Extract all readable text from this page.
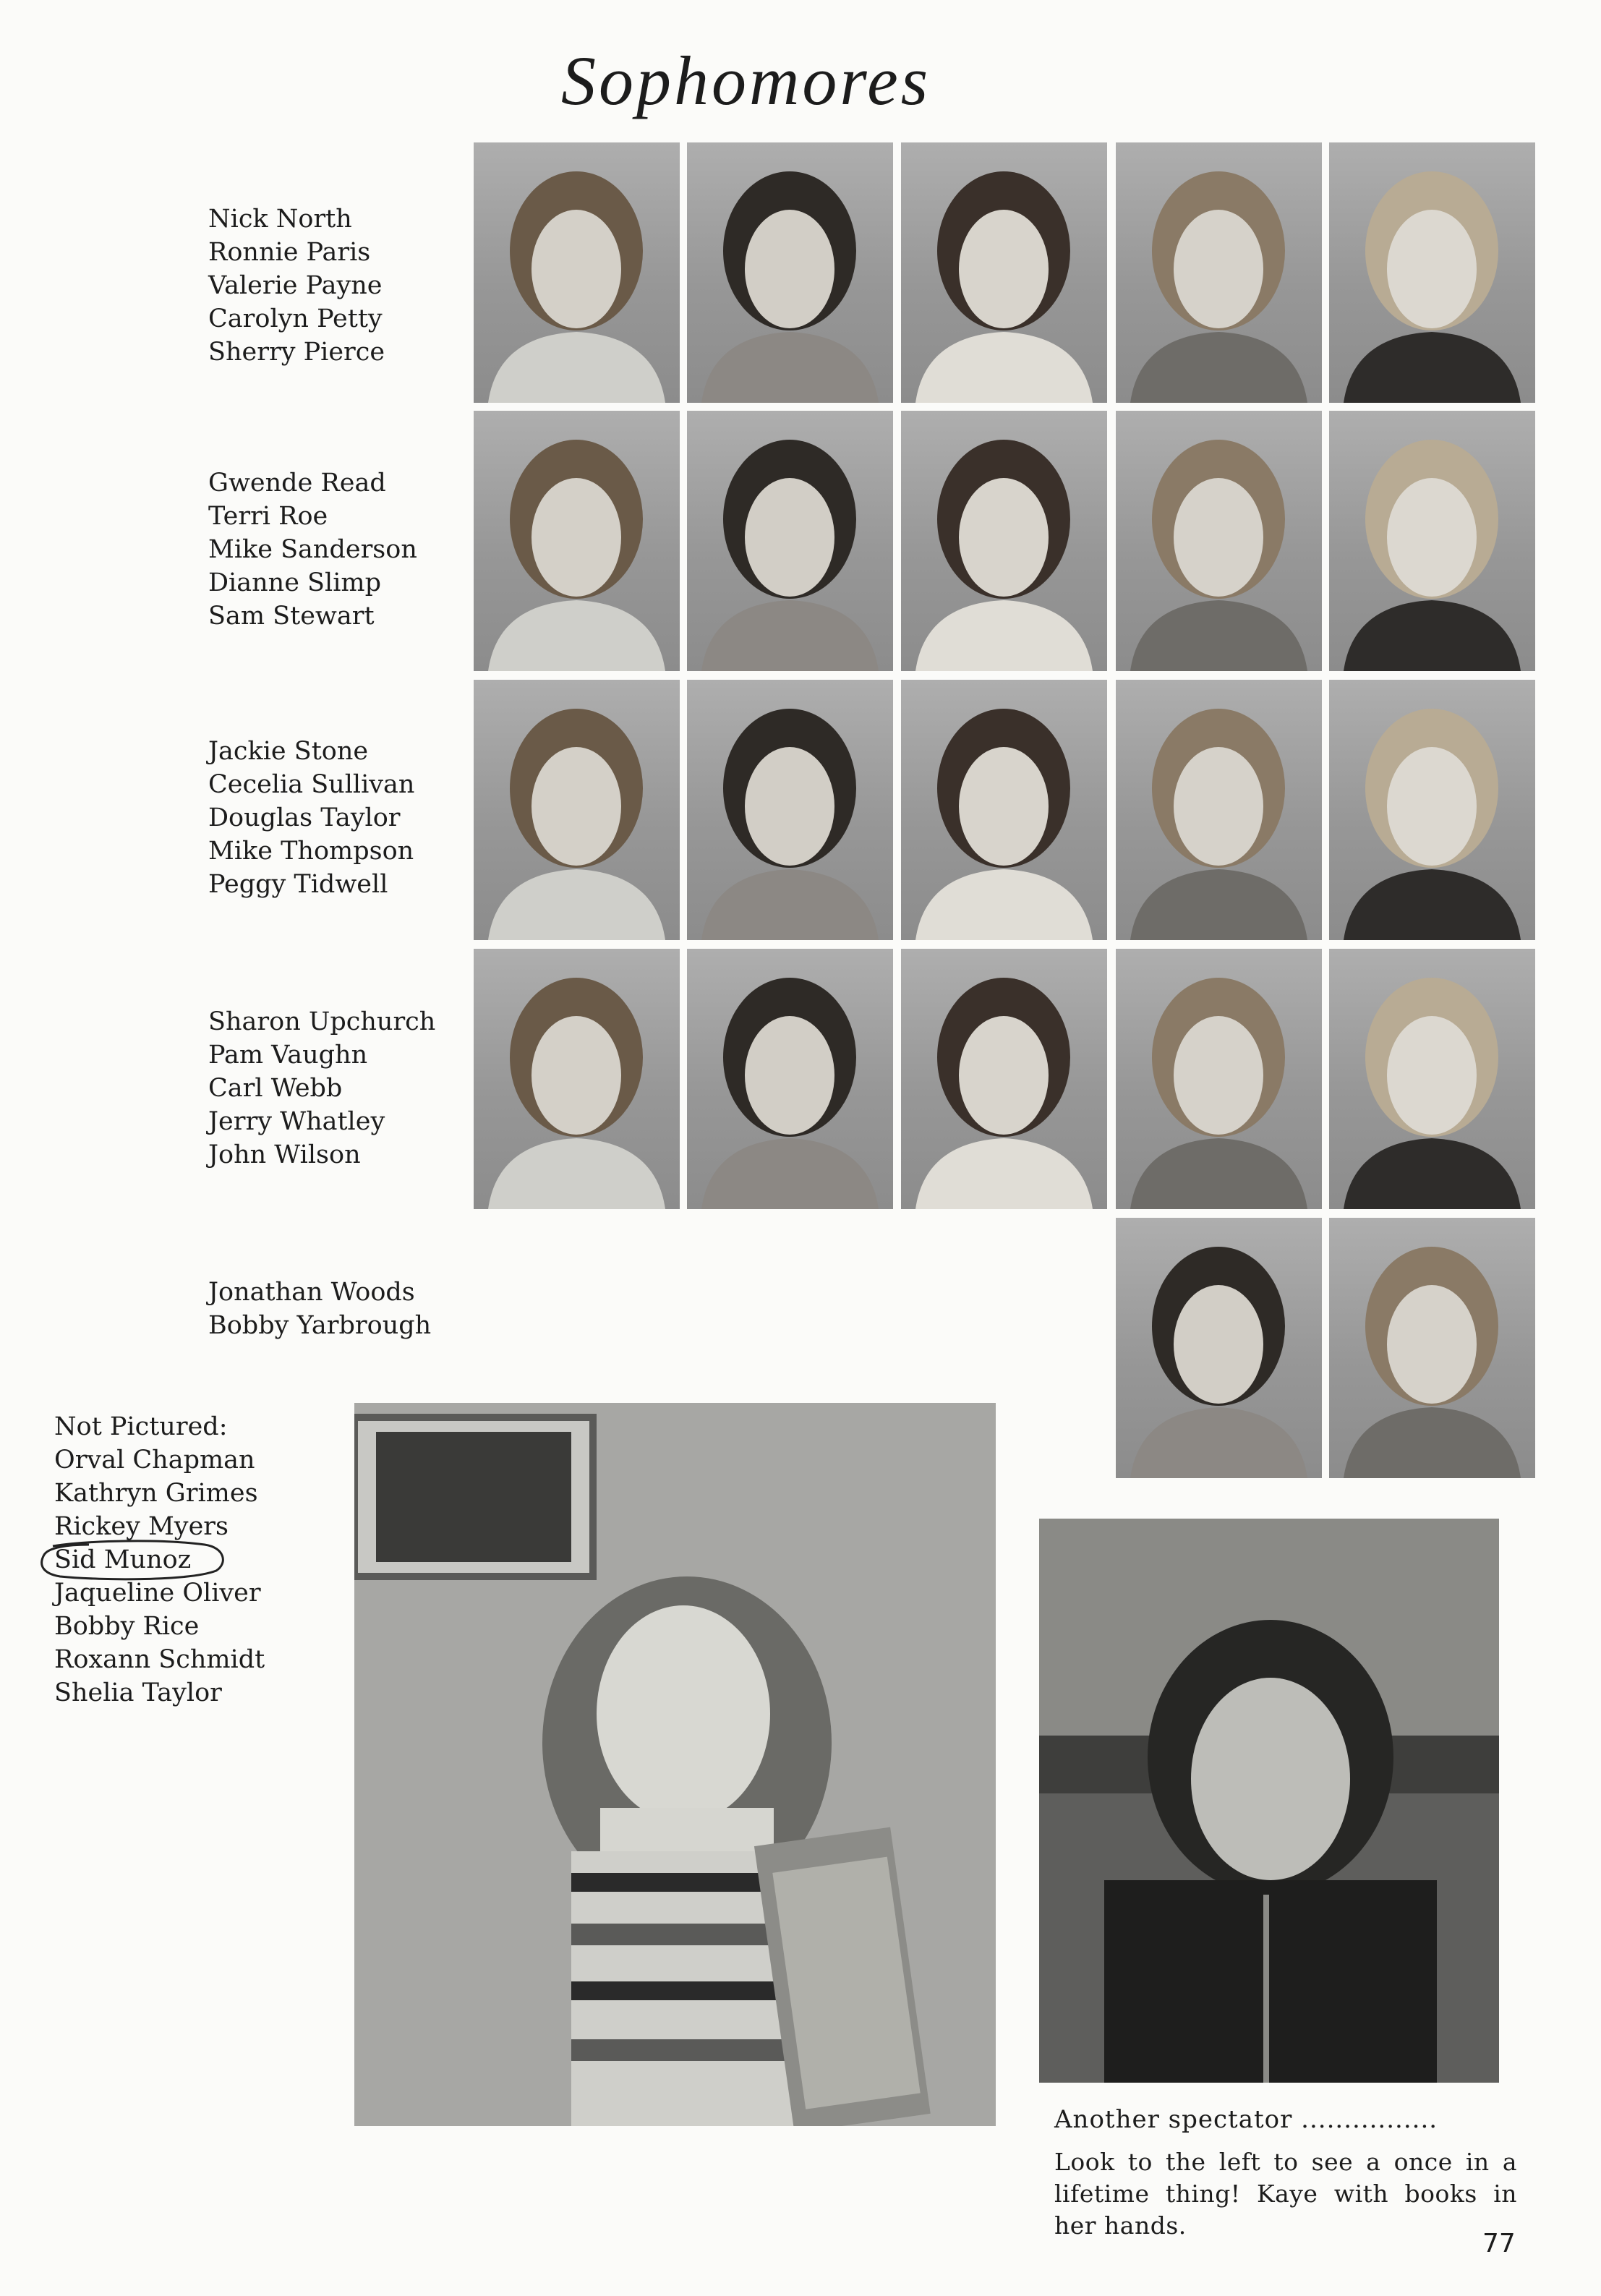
Sophomores
Nick North
Ronnie Paris
Valerie Payne
Carolyn Petty
Sherry Pierce
Gwende Read
Terri Roe
Mike Sanderson
Dianne Slimp
Sam Stewart
Jackie Stone
Cecelia Sullivan
Douglas Taylor
Mike Thompson
Peggy Tidwell
Sharon Upchurch
Pam Vaughn
Carl Webb
Jerry Whatley
John Wilson
Jonathan Woods
Bobby Yarbrough
Not Pictured:
Orval Chapman
Kathryn Grimes
Rickey Myers
Sid Munoz
Jaqueline Oliver
Bobby Rice
Roxann Schmidt
Shelia Taylor
Another spectator ................
Look to the left to see a once in a lifetime thing! Kaye with books in her hands.
77
